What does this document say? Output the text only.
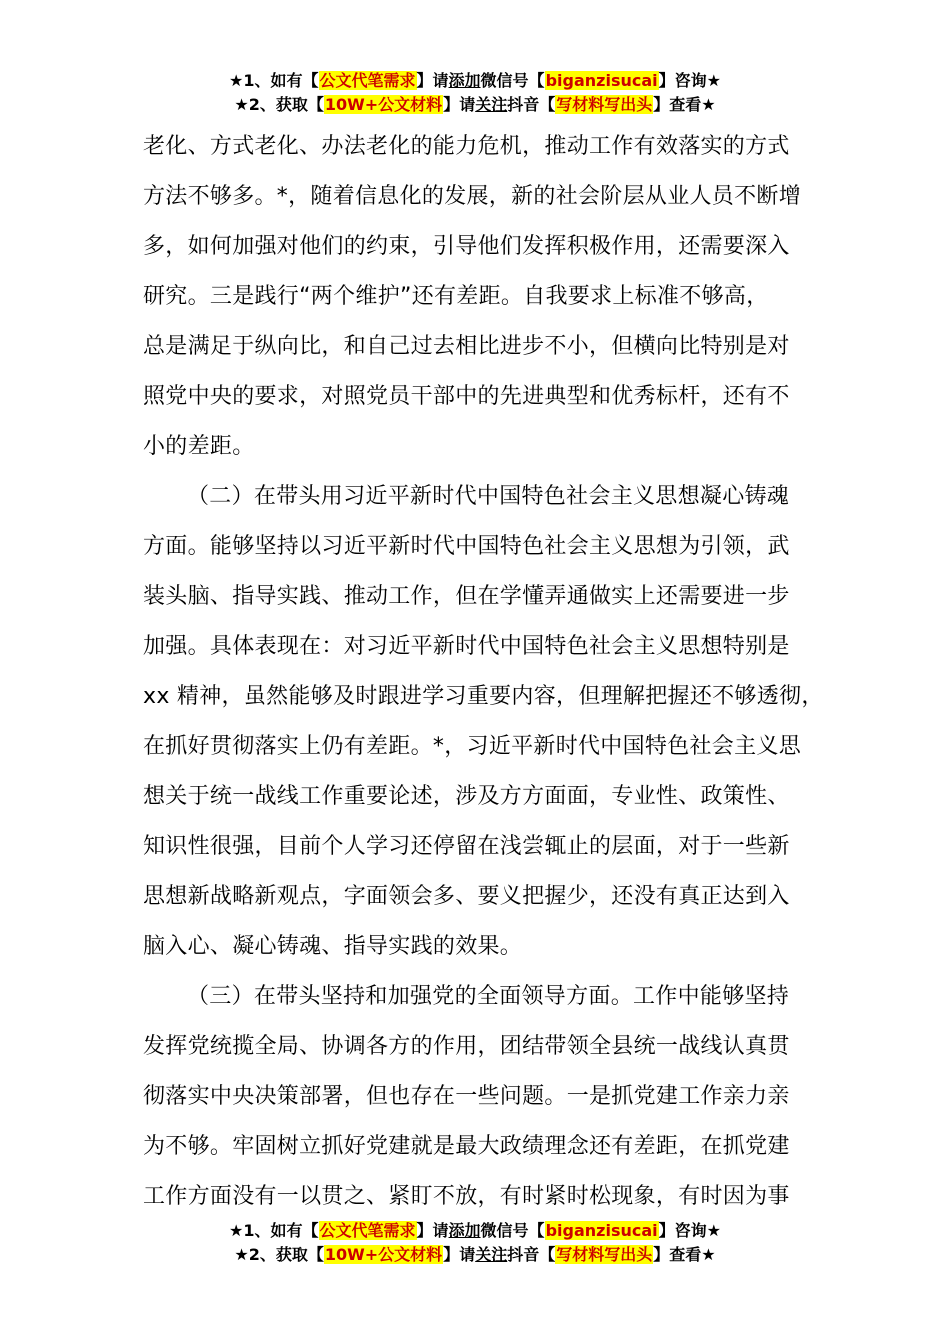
★1、如有【公文代笔需求】请添加微信号【biganzisucai】咨询★
★2、获取【10W+公文材料】请关注抖音【写材料写出头】查看★
老化、方式老化、办法老化的能力危机，推动工作有效落实的方式
方法不够多。*，随着信息化的发展，新的社会阶层从业人员不断增
多，如何加强对他们的约束，引导他们发挥积极作用，还需要深入
研究。三是践行“两个维护”还有差距。自我要求上标准不够高，
总是满足于纵向比，和自己过去相比进步不小，但横向比特别是对
照党中央的要求，对照党员干部中的先进典型和优秀标杆，还有不
小的差距。
（二）在带头用习近平新时代中国特色社会主义思想凝心铸魂
方面。能够坚持以习近平新时代中国特色社会主义思想为引领，武
装头脑、指导实践、推动工作，但在学懂弄通做实上还需要进一步
加强。具体表现在：对习近平新时代中国特色社会主义思想特别是
xx 精神，虽然能够及时跟进学习重要内容，但理解把握还不够透彻，
在抓好贯彻落实上仍有差距。*，习近平新时代中国特色社会主义思
想关于统一战线工作重要论述，涉及方方面面，专业性、政策性、
知识性很强，目前个人学习还停留在浅尝辄止的层面，对于一些新
思想新战略新观点，字面领会多、要义把握少，还没有真正达到入
脑入心、凝心铸魂、指导实践的效果。
（三）在带头坚持和加强党的全面领导方面。工作中能够坚持
发挥党统揽全局、协调各方的作用，团结带领全县统一战线认真贯
彻落实中央决策部署，但也存在一些问题。一是抓党建工作亲力亲
为不够。牢固树立抓好党建就是最大政绩理念还有差距，在抓党建
工作方面没有一以贯之、紧盯不放，有时紧时松现象，有时因为事
★1、如有【公文代笔需求】请添加微信号【biganzisucai】咨询★
★2、获取【10W+公文材料】请关注抖音【写材料写出头】查看★
